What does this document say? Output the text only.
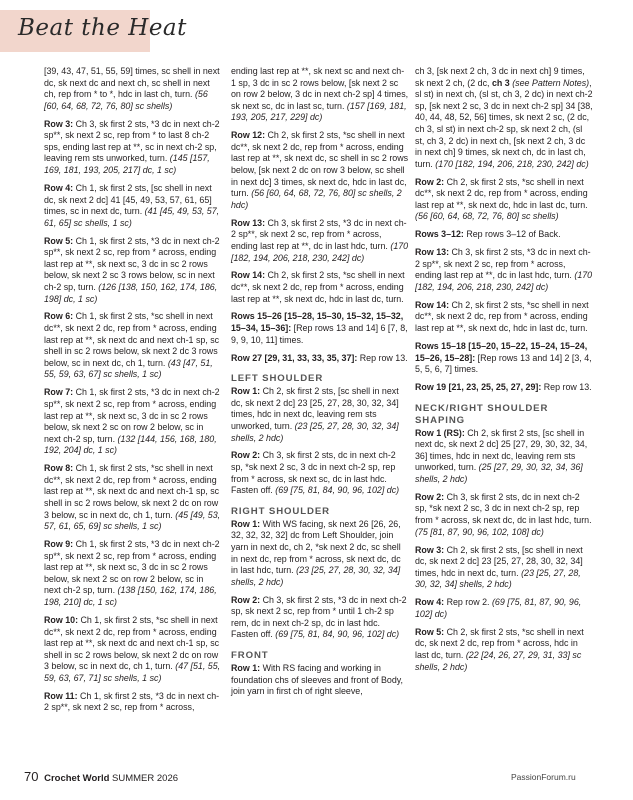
Beat the Heat
[39, 43, 47, 51, 55, 59] times, sc shell in next dc, sk next dc and next ch, sc shell in next ch, rep from * to *, hdc in last ch, turn. (56 [60, 64, 68, 72, 76, 80] sc shells)
Row 3: Ch 3, sk first 2 sts, *3 dc in next ch-2 sp**, sk next 2 sc, rep from * to last 8 ch-2 sps, ending last rep at **, sc in next ch-2 sp, leaving rem sts unworked, turn. (145 [157, 169, 181, 193, 205, 217] dc, 1 sc)
Row 4: Ch 1, sk first 2 sts, [sc shell in next dc, sk next 2 dc] 41 [45, 49, 53, 57, 61, 65] times, sc in next dc, turn. (41 [45, 49, 53, 57, 61, 65] sc shells, 1 sc)
Row 5: Ch 1, sk first 2 sts, *3 dc in next ch-2 sp**, sk next 2 sc, rep from * across, ending last rep at **, sk next sc, 3 dc in sc 2 rows below, sk next 2 sc 3 rows below, sc in next ch-2 sp, turn. (126 [138, 150, 162, 174, 186, 198] dc, 1 sc)
Row 6: Ch 1, sk first 2 sts, *sc shell in next dc**, sk next 2 dc, rep from * across, ending last rep at **, sk next dc and next ch-1 sp, sc shell in sc 2 rows below, sk next 2 dc 3 rows below, sc in next dc, ch 1, turn. (43 [47, 51, 55, 59, 63, 67] sc shells, 1 sc)
Row 7: Ch 1, sk first 2 sts, *3 dc in next ch-2 sp**, sk next 2 sc, rep from * across, ending last rep at **, sk next sc, 3 dc in sc 2 rows below, sk next 2 sc on row 2 below, sc in next ch-2 sp, turn. (132 [144, 156, 168, 180, 192, 204] dc, 1 sc)
Row 8: Ch 1, sk first 2 sts, *sc shell in next dc**, sk next 2 dc, rep from * across, ending last rep at **, sk next dc and next ch-1 sp, sc shell in sc 2 rows below, sk next 2 dc on row 3 below, sc in next dc, ch 1, turn. (45 [49, 53, 57, 61, 65, 69] sc shells, 1 sc)
Row 9: Ch 1, sk first 2 sts, *3 dc in next ch-2 sp**, sk next 2 sc, rep from * across, ending last rep at **, sk next sc, 3 dc in sc 2 rows below, sk next 2 sc on row 2 below, sc in next ch-2 sp, turn. (138 [150, 162, 174, 186, 198, 210] dc, 1 sc)
Row 10: Ch 1, sk first 2 sts, *sc shell in next dc**, sk next 2 dc, rep from * across, ending last rep at **, sk next dc and next ch-1 sp, sc shell in sc 2 rows below, sk next 2 dc on row 3 below, sc in next dc, ch 1, turn. (47 [51, 55, 59, 63, 67, 71] sc shells, 1 sc)
Row 11: Ch 1, sk first 2 sts, *3 dc in next ch-2 sp**, sk next 2 sc, rep from * across,
ending last rep at **, sk next sc and next ch-1 sp, 3 dc in sc 2 rows below, [sk next 2 sc on row 2 below, 3 dc in next ch-2 sp] 4 times, sk next sc, dc in last sc, turn. (157 [169, 181, 193, 205, 217, 229] dc)
Row 12: Ch 2, sk first 2 sts, *sc shell in next dc**, sk next 2 dc, rep from * across, ending last rep at **, sk next dc, sc shell in sc 2 rows below, [sk next 2 dc on row 3 below, sc shell in next dc] 3 times, sk next dc, hdc in last dc, turn. (56 [60, 64, 68, 72, 76, 80] sc shells, 2 hdc)
Row 13: Ch 3, sk first 2 sts, *3 dc in next ch-2 sp**, sk next 2 sc, rep from * across, ending last rep at **, dc in last hdc, turn. (170 [182, 194, 206, 218, 230, 242] dc)
Row 14: Ch 2, sk first 2 sts, *sc shell in next dc**, sk next 2 dc, rep from * across, ending last rep at **, sk next dc, hdc in last dc, turn.
Rows 15–26 [15–28, 15–30, 15–32, 15–32, 15–34, 15–36]: [Rep rows 13 and 14] 6 [7, 8, 9, 9, 10, 11] times.
Row 27 [29, 31, 33, 33, 35, 37]: Rep row 13.
LEFT SHOULDER
Row 1: Ch 2, sk first 2 sts, [sc shell in next dc, sk next 2 dc] 23 [25, 27, 28, 30, 32, 34] times, hdc in next dc, leaving rem sts unworked, turn. (23 [25, 27, 28, 30, 32, 34] shells, 2 hdc)
Row 2: Ch 3, sk first 2 sts, dc in next ch-2 sp, *sk next 2 sc, 3 dc in next ch-2 sp, rep from * across, sk next sc, dc in last hdc. Fasten off. (69 [75, 81, 84, 90, 96, 102] dc)
RIGHT SHOULDER
Row 1: With WS facing, sk next 26 [26, 26, 32, 32, 32, 32] dc from Left Shoulder, join yarn in next dc, ch 2, *sk next 2 dc, sc shell in next dc, rep from * across, sk next dc, dc in last hdc, turn. (23 [25, 27, 28, 30, 32, 34] shells, 2 hdc)
Row 2: Ch 3, sk first 2 sts, *3 dc in next ch-2 sp, sk next 2 sc, rep from * until 1 ch-2 sp rem, dc in next ch-2 sp, dc in last hdc. Fasten off. (69 [75, 81, 84, 90, 96, 102] dc)
FRONT
Row 1: With RS facing and working in foundation chs of sleeves and front of Body, join yarn in first ch of right sleeve,
ch 3, [sk next 2 ch, 3 dc in next ch] 9 times, sk next 2 ch, (2 dc, ch 3 (see Pattern Notes), sl st) in next ch, (sl st, ch 3, 2 dc) in next ch-2 sp, [sk next 2 sc, 3 dc in next ch-2 sp] 34 [38, 40, 44, 48, 52, 56] times, sk next 2 sc, (2 dc, ch 3, sl st) in next ch-2 sp, sk next 2 ch, (sl st, ch 3, 2 dc) in next ch, [sk next 2 ch, 3 dc in next ch] 9 times, sk next ch, dc in last ch, turn. (170 [182, 194, 206, 218, 230, 242] dc)
Row 2: Ch 2, sk first 2 sts, *sc shell in next dc**, sk next 2 dc, rep from * across, ending last rep at **, sk next dc, hdc in last dc, turn. (56 [60, 64, 68, 72, 76, 80] sc shells)
Rows 3–12: Rep rows 3–12 of Back.
Row 13: Ch 3, sk first 2 sts, *3 dc in next ch-2 sp**, sk next 2 sc, rep from * across, ending last rep at **, dc in last hdc, turn. (170 [182, 194, 206, 218, 230, 242] dc)
Row 14: Ch 2, sk first 2 sts, *sc shell in next dc**, sk next 2 dc, rep from * across, ending last rep at **, sk next dc, hdc in last dc, turn.
Rows 15–18 [15–20, 15–22, 15–24, 15–24, 15–26, 15–28]: [Rep rows 13 and 14] 2 [3, 4, 5, 5, 6, 7] times.
Row 19 [21, 23, 25, 25, 27, 29]: Rep row 13.
NECK/RIGHT SHOULDER SHAPING
Row 1 (RS): Ch 2, sk first 2 sts, [sc shell in next dc, sk next 2 dc] 25 [27, 29, 30, 32, 34, 36] times, hdc in next dc, leaving rem sts unworked, turn. (25 [27, 29, 30, 32, 34, 36] shells, 2 hdc)
Row 2: Ch 3, sk first 2 sts, dc in next ch-2 sp, *sk next 2 sc, 3 dc in next ch-2 sp, rep from * across, sk next dc, dc in last hdc, turn. (75 [81, 87, 90, 96, 102, 108] dc)
Row 3: Ch 2, sk first 2 sts, [sc shell in next dc, sk next 2 dc] 23 [25, 27, 28, 30, 32, 34] times, hdc in next dc, turn. (23 [25, 27, 28, 30, 32, 34] shells, 2 hdc)
Row 4: Rep row 2. (69 [75, 81, 87, 90, 96, 102] dc)
Row 5: Ch 2, sk first 2 sts, *sc shell in next dc, sk next 2 dc, rep from * across, hdc in last dc, turn. (22 [24, 26, 27, 29, 31, 33] sc shells, 2 hdc)
70 Crochet World SUMMER 2026	PassionForum.ru
